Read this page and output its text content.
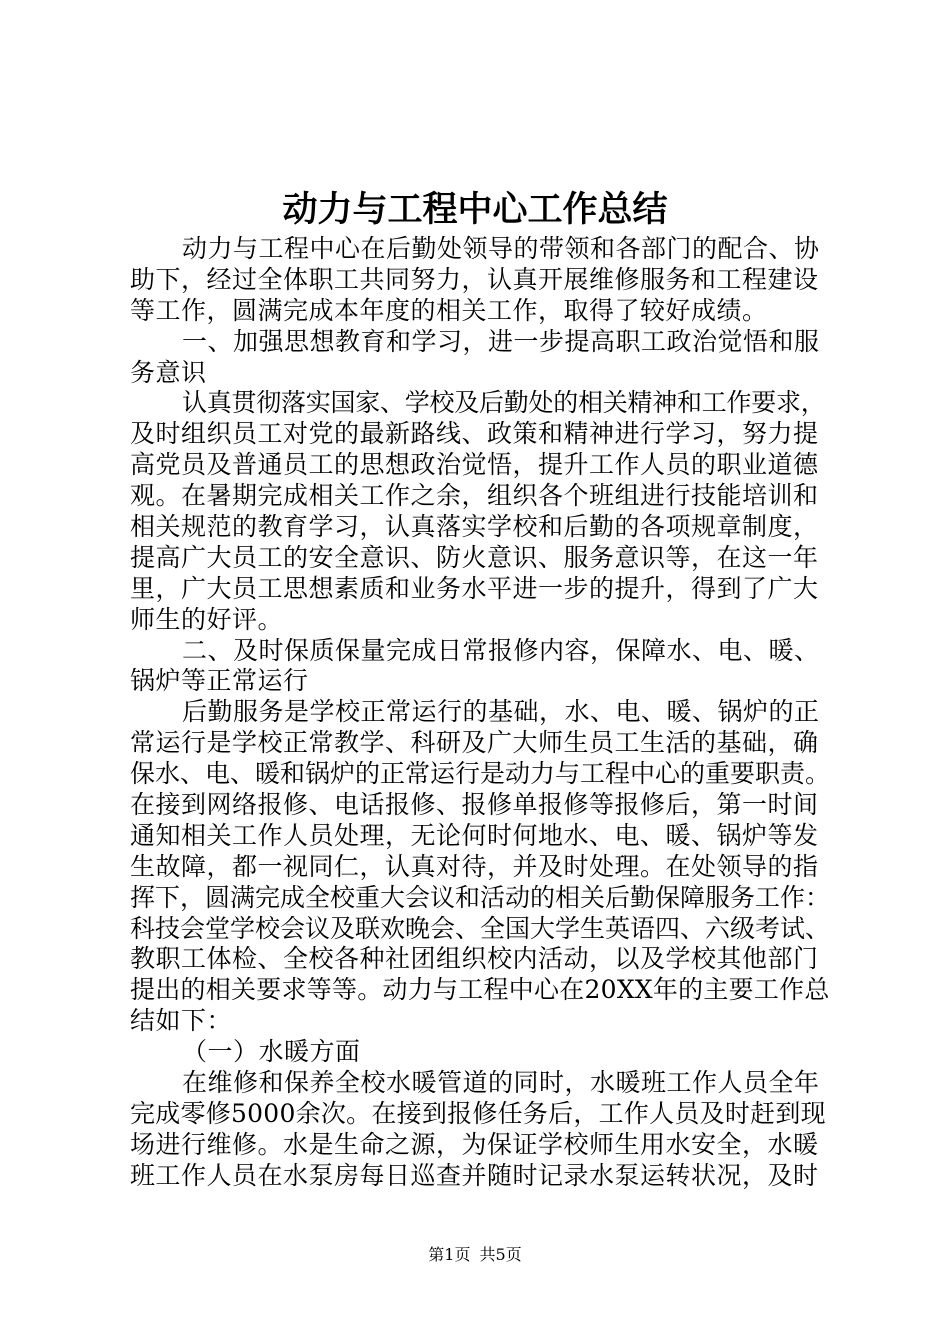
动力与工程中心工作总结
动力与工程中心在后勤处领导的带领和各部门的配合、协
助下，经过全体职工共同努力，认真开展维修服务和工程建设
等工作，圆满完成本年度的相关工作，取得了较好成绩。
一、加强思想教育和学习，进一步提高职工政治觉悟和服
务意识
认真贯彻落实国家、学校及后勤处的相关精神和工作要求，
及时组织员工对党的最新路线、政策和精神进行学习，努力提
高党员及普通员工的思想政治觉悟，提升工作人员的职业道德
观。在暑期完成相关工作之余，组织各个班组进行技能培训和
相关规范的教育学习，认真落实学校和后勤的各项规章制度，
提高广大员工的安全意识、防火意识、服务意识等，在这一年
里，广大员工思想素质和业务水平进一步的提升，得到了广大
师生的好评。
二、及时保质保量完成日常报修内容，保障水、电、暖、
锅炉等正常运行
后勤服务是学校正常运行的基础，水、电、暖、锅炉的正
常运行是学校正常教学、科研及广大师生员工生活的基础，确
保水、电、暖和锅炉的正常运行是动力与工程中心的重要职责。
在接到网络报修、电话报修、报修单报修等报修后，第一时间
通知相关工作人员处理，无论何时何地水、电、暖、锅炉等发
生故障，都一视同仁，认真对待，并及时处理。在处领导的指
挥下，圆满完成全校重大会议和活动的相关后勤保障服务工作：
科技会堂学校会议及联欢晚会、全国大学生英语四、六级考试、
教职工体检、全校各种社团组织校内活动，以及学校其他部门
提出的相关要求等等。动力与工程中心在20XX年的主要工作总
结如下：
（一）水暖方面
在维修和保养全校水暖管道的同时，水暖班工作人员全年
完成零修5000余次。在接到报修任务后，工作人员及时赶到现
场进行维修。水是生命之源，为保证学校师生用水安全，水暖
班工作人员在水泵房每日巡查并随时记录水泵运转状况，及时
第1页 共5页
